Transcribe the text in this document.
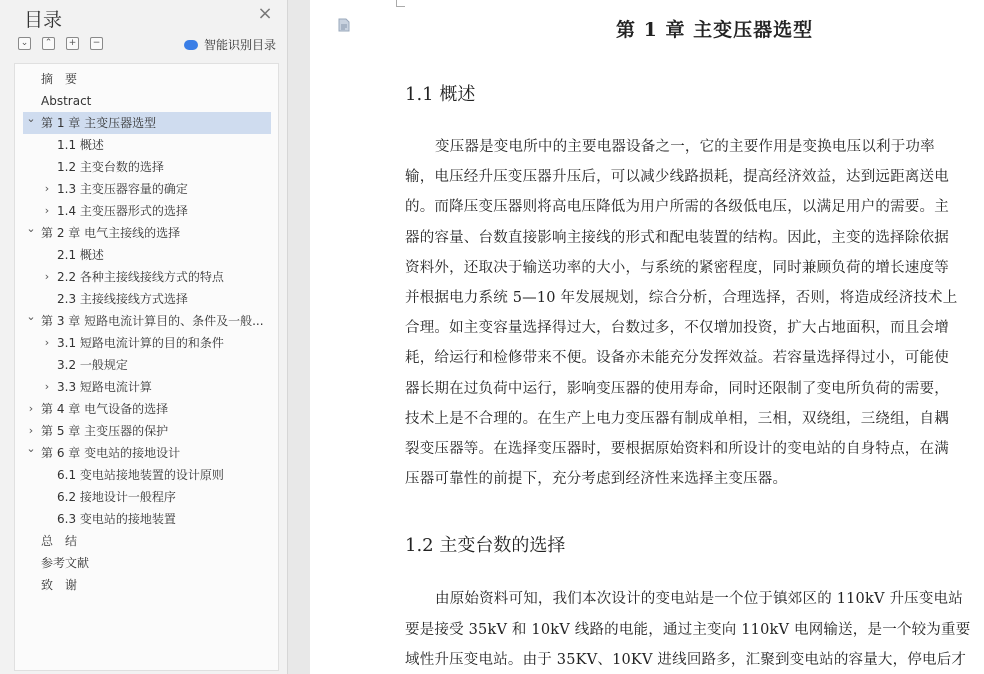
目录	×
⌄	⌃	+	−	智能识别目录
摘　要
Abstract
⌄ 第 1 章 主变压器选型
1.1 概述
1.2 主变台数的选择
› 1.3 主变压器容量的确定
› 1.4 主变压器形式的选择
⌄ 第 2 章 电气主接线的选择
2.1 概述
› 2.2 各种主接线接线方式的特点
2.3 主接线接线方式选择
⌄ 第 3 章 短路电流计算目的、条件及一般...
› 3.1 短路电流计算的目的和条件
3.2 一般规定
› 3.3 短路电流计算
› 第 4 章 电气设备的选择
› 第 5 章 主变压器的保护
⌄ 第 6 章 变电站的接地设计
6.1 变电站接地装置的设计原则
6.2 接地设计一般程序
6.3 变电站的接地装置
总　结
参考文献
致　谢
第 1 章 主变压器选型
1.1 概述
变压器是变电所中的主要电器设备之一，它的主要作用是变换电压以利于功率
输，电压经升压变压器升压后，可以减少线路损耗，提高经济效益，达到远距离送电
的。而降压变压器则将高电压降低为用户所需的各级低电压，以满足用户的需要。主
器的容量、台数直接影响主接线的形式和配电装置的结构。因此，主变的选择除依据
资料外，还取决于输送功率的大小，与系统的紧密程度，同时兼顾负荷的增长速度等
并根据电力系统 5—10 年发展规划，综合分析，合理选择，否则，将造成经济技术上
合理。如主变容量选择得过大，台数过多，不仅增加投资，扩大占地面积，而且会增
耗，给运行和检修带来不便。设备亦未能充分发挥效益。若容量选择得过小，可能使
器长期在过负荷中运行，影响变压器的使用寿命，同时还限制了变电所负荷的需要，
技术上是不合理的。在生产上电力变压器有制成单相，三相，双绕组，三绕组，自耦
裂变压器等。在选择变压器时，要根据原始资料和所设计的变电站的自身特点，在满
压器可靠性的前提下，充分考虑到经济性来选择主变压器。
1.2 主变台数的选择
由原始资料可知，我们本次设计的变电站是一个位于镇郊区的 110kV 升压变电站
要是接受 35kV 和 10kV 线路的电能，通过主变向 110kV 电网输送，是一个较为重要
域性升压变电站。由于 35KV、10KV 进线回路多，汇聚到变电站的容量大，停电后才
